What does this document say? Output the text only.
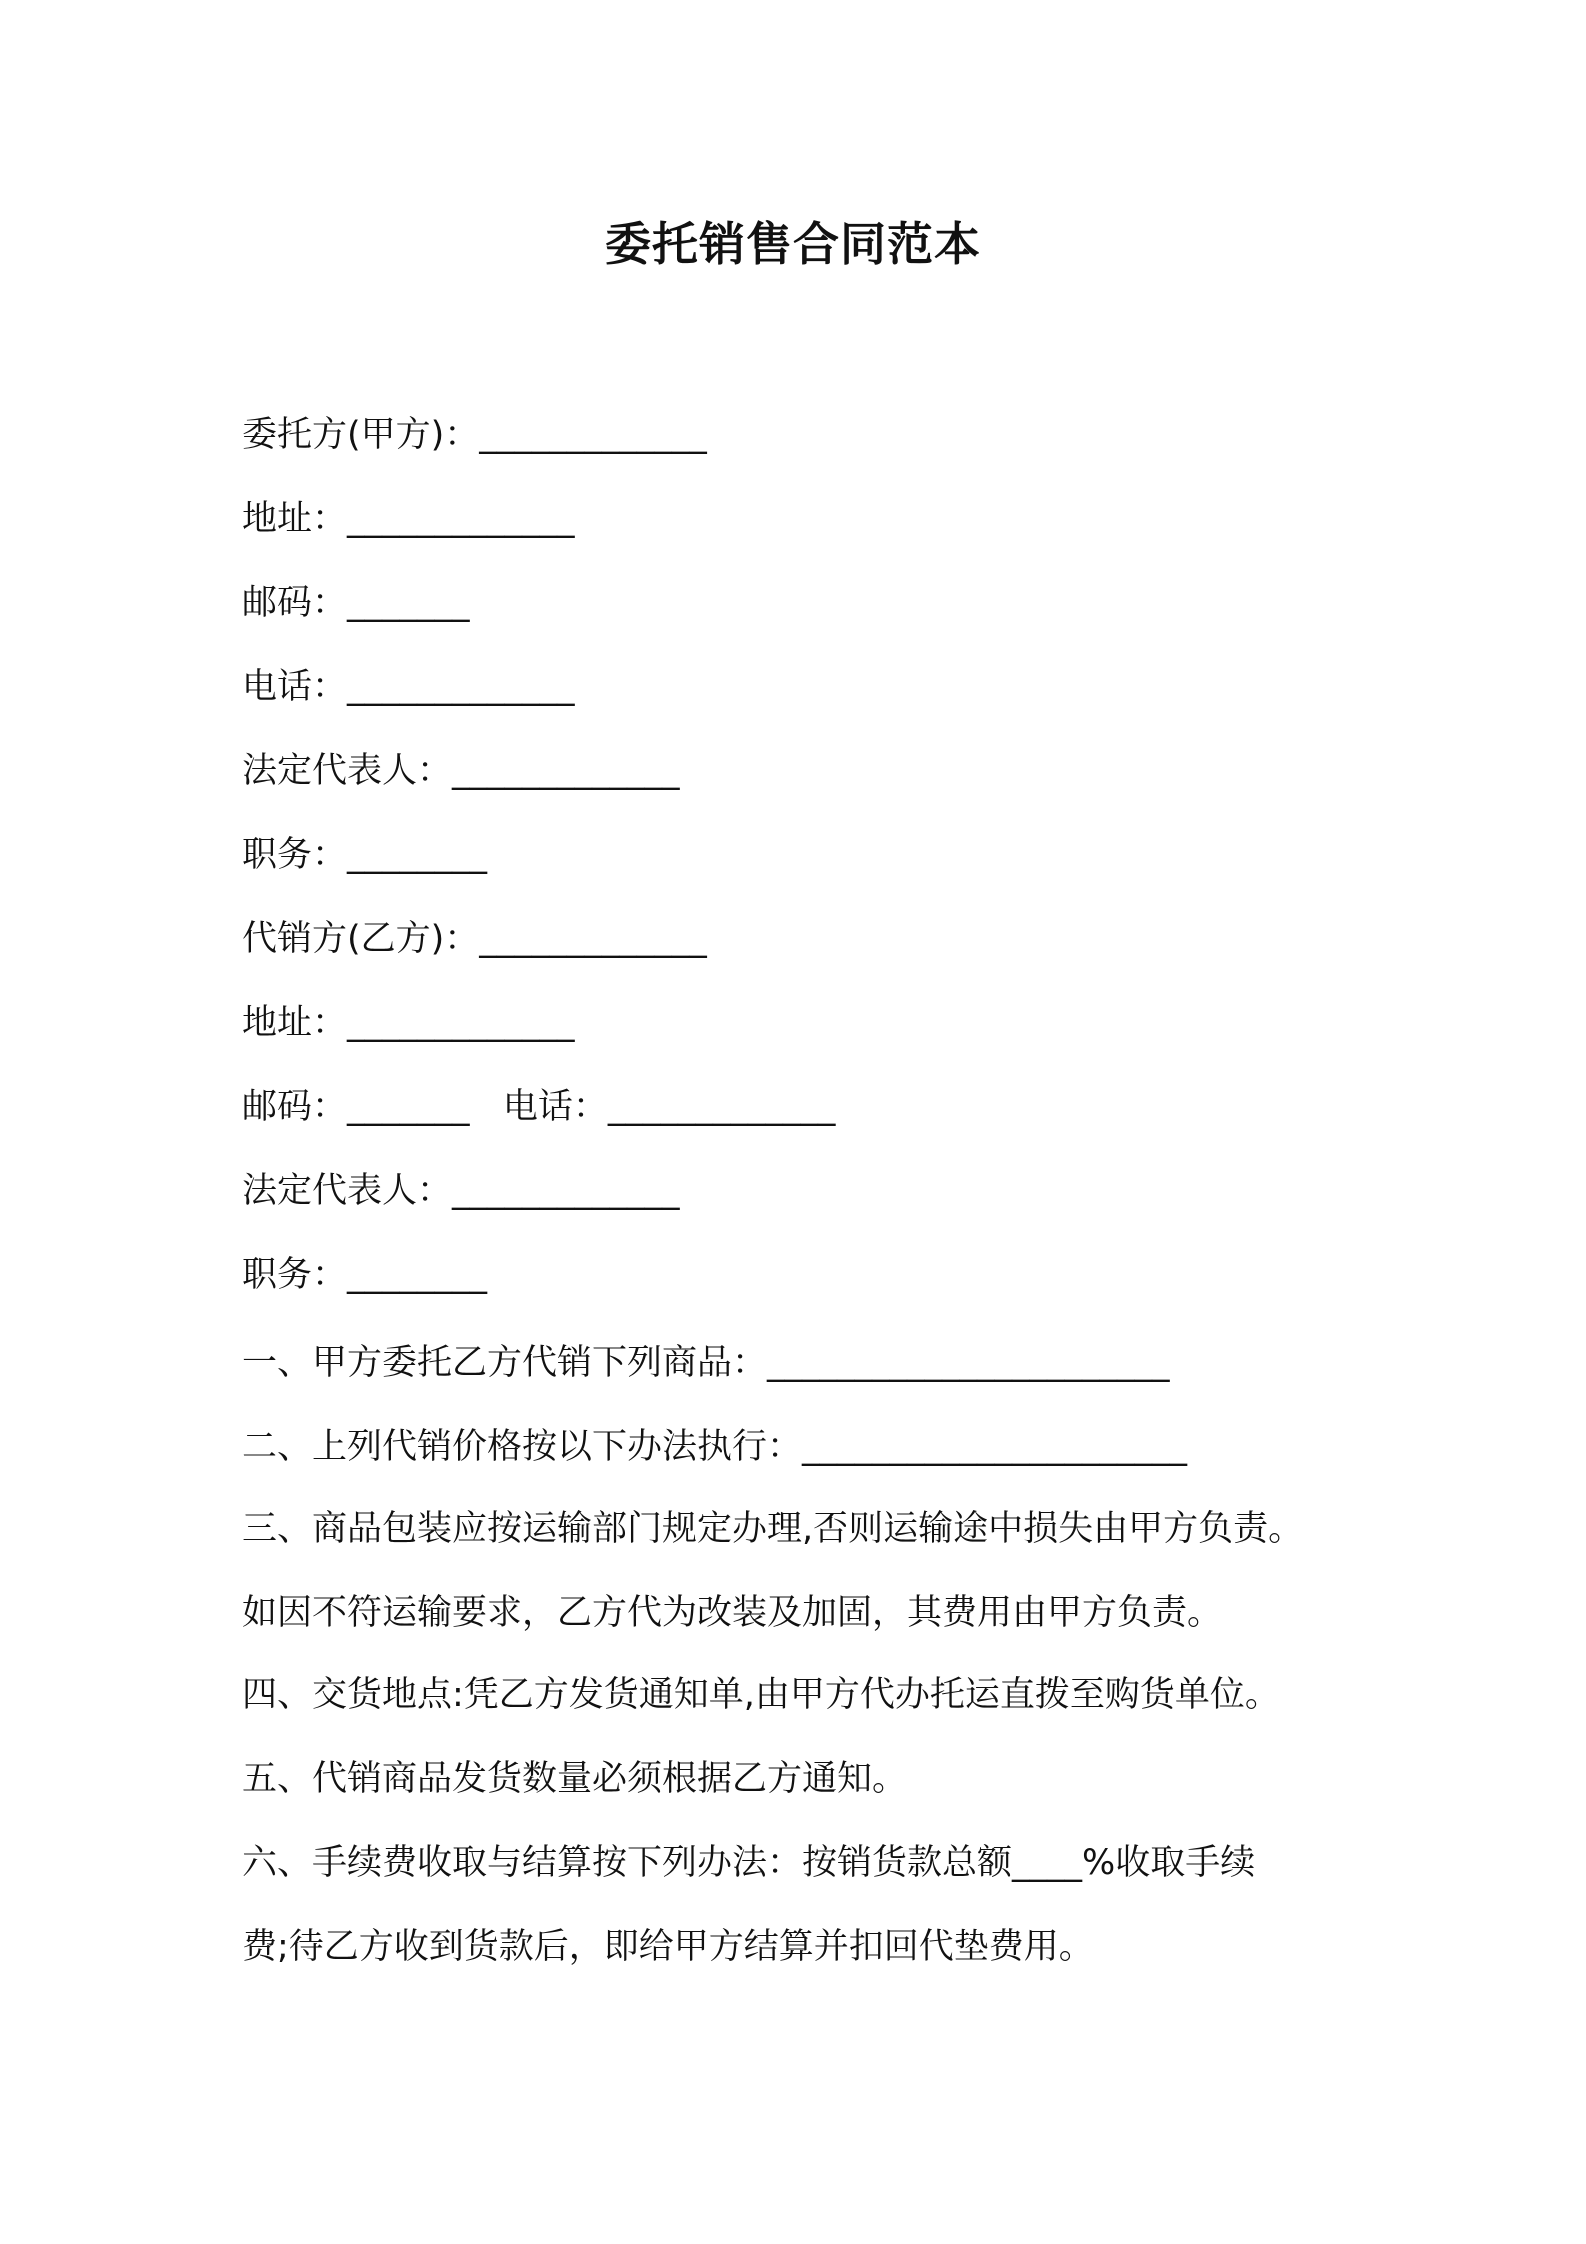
委托销售合同范本

委托方(甲方)：_____________

地址：_____________

邮码：_______

电话：_____________

法定代表人：_____________

职务：________

代销方(乙方)：_____________

地址：_____________

邮码：_______   电话：_____________

法定代表人：_____________

职务：________

一、甲方委托乙方代销下列商品：_______________________

二、上列代销价格按以下办法执行：______________________

三、商品包装应按运输部门规定办理,否则运输途中损失由甲方负责。

如因不符运输要求，乙方代为改装及加固，其费用由甲方负责。

四、交货地点:凭乙方发货通知单,由甲方代办托运直拨至购货单位。

五、代销商品发货数量必须根据乙方通知。

六、手续费收取与结算按下列办法：按销货款总额____%收取手续

费;待乙方收到货款后，即给甲方结算并扣回代垫费用。
